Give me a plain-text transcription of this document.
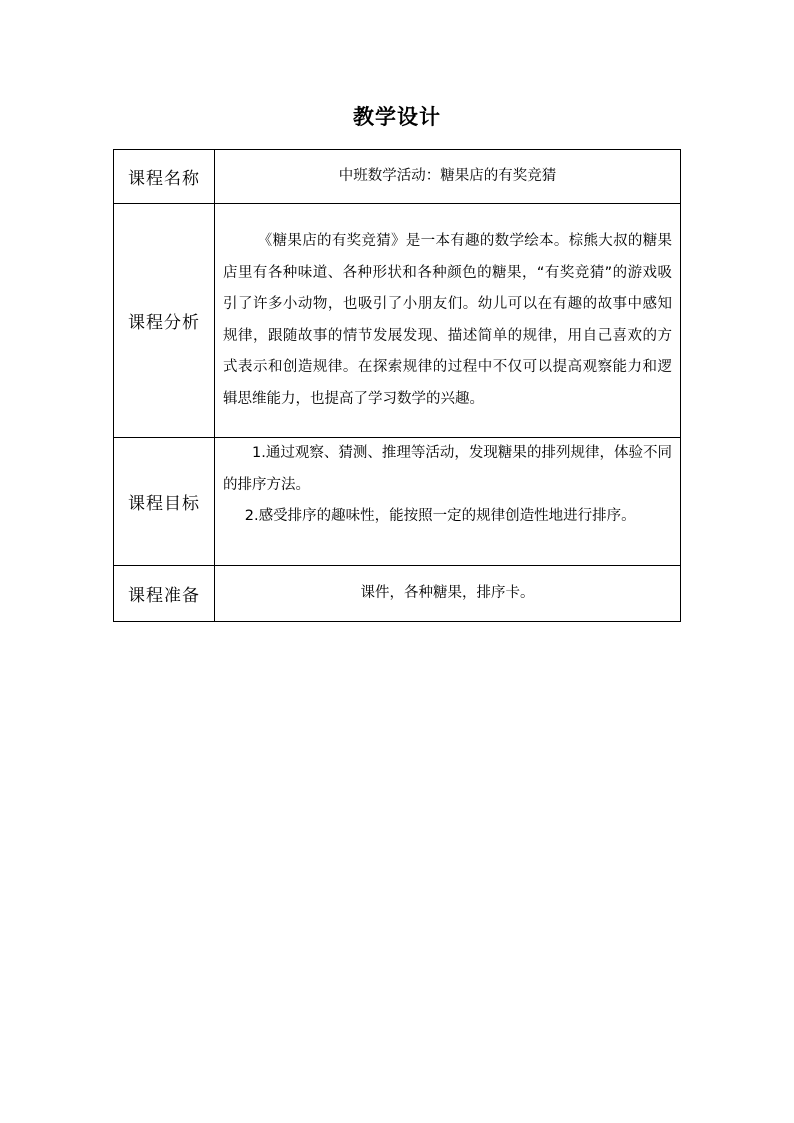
教学设计
课程名称	中班数学活动：糖果店的有奖竞猜
课程分析	《糖果店的有奖竞猜》是一本有趣的数学绘本。棕熊大叔的糖果店里有各种味道、各种形状和各种颜色的糖果，“有奖竞猜”的游戏吸引了许多小动物，也吸引了小朋友们。幼儿可以在有趣的故事中感知规律，跟随故事的情节发展发现、描述简单的规律，用自己喜欢的方式表示和创造规律。在探索规律的过程中不仅可以提高观察能力和逻辑思维能力，也提高了学习数学的兴趣。

课程目标	1.通过观察、猜测、推理等活动，发现糖果的排列规律，体验不同的排序方法。
2.感受排序的趣味性，能按照一定的规律创造性地进行排序。

课程准备	课件，各种糖果，排序卡。
